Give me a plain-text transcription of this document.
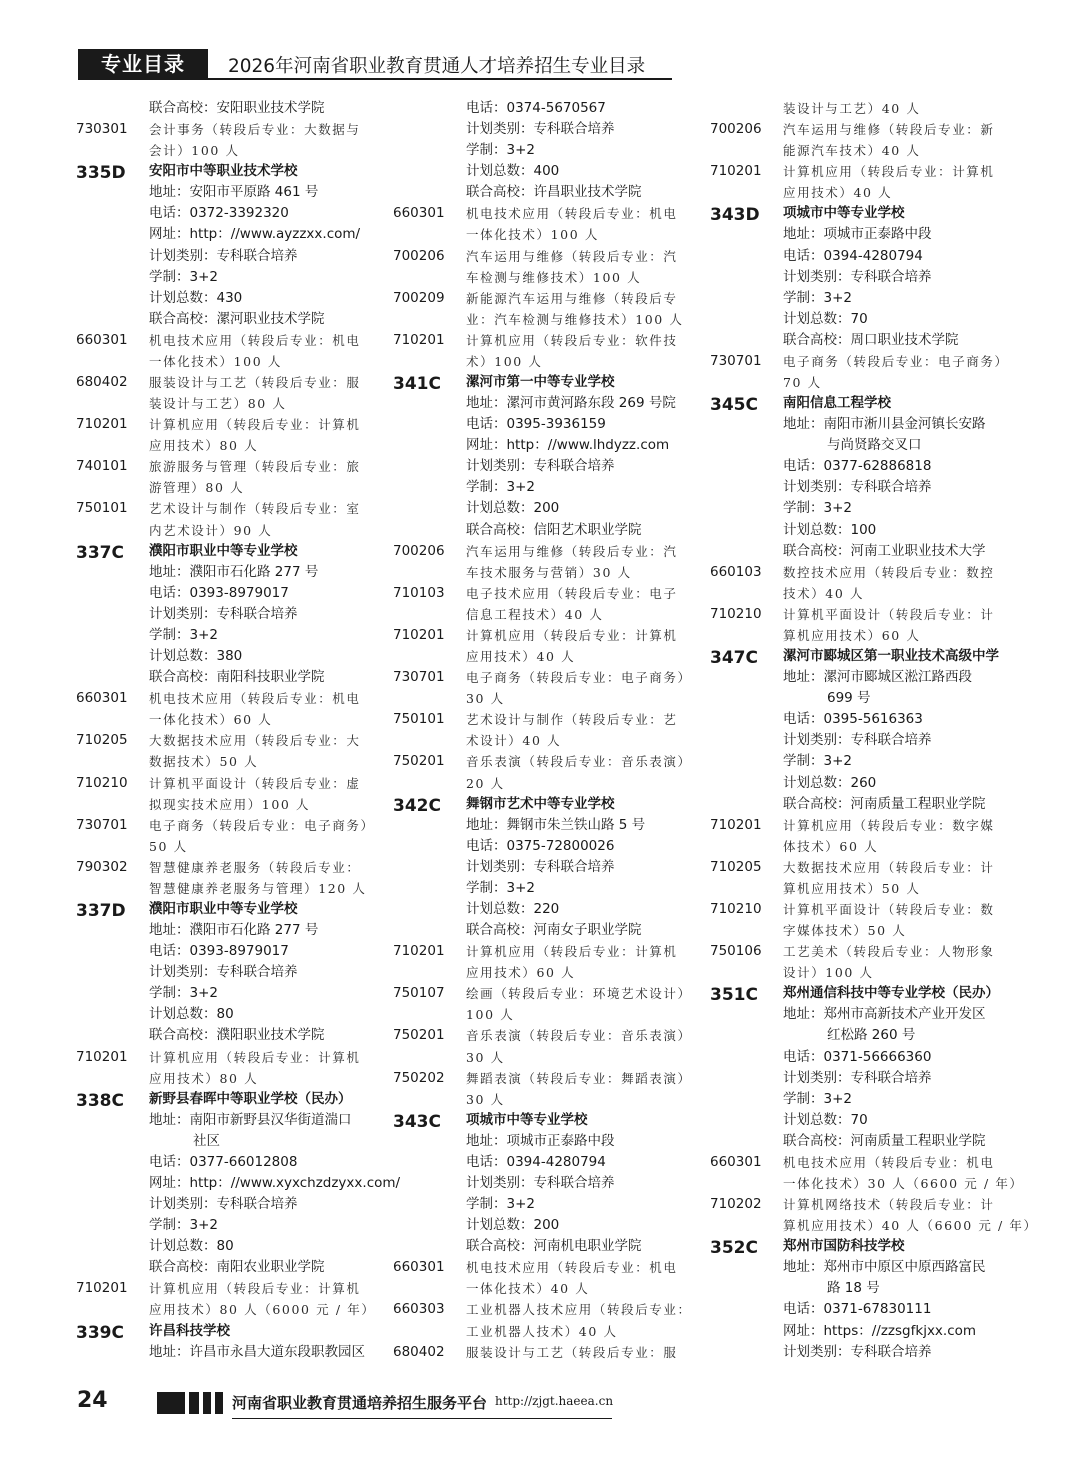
专业目录	2026年河南省职业教育贯通人才培养招生专业目录
联合高校：安阳职业技术学院
730301 会计事务（转段后专业：大数据与
会计）100 人
335D 安阳市中等职业技术学校
地址：安阳市平原路 461 号
电话：0372-3392320
网址：http：//www.ayzzxx.com/
计划类别：专科联合培养
学制：3+2
计划总数：430
联合高校：漯河职业技术学院
660301 机电技术应用（转段后专业：机电
一体化技术）100 人
680402 服装设计与工艺（转段后专业：服
装设计与工艺）80 人
710201 计算机应用（转段后专业：计算机
应用技术）80 人
740101 旅游服务与管理（转段后专业：旅
游管理）80 人
750101 艺术设计与制作（转段后专业：室
内艺术设计）90 人
337C 濮阳市职业中等专业学校
地址：濮阳市石化路 277 号
电话：0393-8979017
计划类别：专科联合培养
学制：3+2
计划总数：380
联合高校：南阳科技职业学院
660301 机电技术应用（转段后专业：机电
一体化技术）60 人
710205 大数据技术应用（转段后专业：大
数据技术）50 人
710210 计算机平面设计（转段后专业：虚
拟现实技术应用）100 人
730701 电子商务（转段后专业：电子商务）
50 人
790302 智慧健康养老服务（转段后专业：
智慧健康养老服务与管理）120 人
337D 濮阳市职业中等专业学校
地址：濮阳市石化路 277 号
电话：0393-8979017
计划类别：专科联合培养
学制：3+2
计划总数：80
联合高校：濮阳职业技术学院
710201 计算机应用（转段后专业：计算机
应用技术）80 人
338C 新野县春晖中等职业学校（民办）
地址：南阳市新野县汉华街道湍口
社区
电话：0377-66012808
网址：http：//www.xyxchzdzyxx.com/
计划类别：专科联合培养
学制：3+2
计划总数：80
联合高校：南阳农业职业学院
710201 计算机应用（转段后专业：计算机
应用技术）80 人（6000 元 / 年）
339C 许昌科技学校
地址：许昌市永昌大道东段职教园区
电话：0374-5670567
计划类别：专科联合培养
学制：3+2
计划总数：400
联合高校：许昌职业技术学院
660301 机电技术应用（转段后专业：机电
一体化技术）100 人
700206 汽车运用与维修（转段后专业：汽
车检测与维修技术）100 人
700209 新能源汽车运用与维修（转段后专
业：汽车检测与维修技术）100 人
710201 计算机应用（转段后专业：软件技
术）100 人
341C 漯河市第一中等专业学校
地址：漯河市黄河路东段 269 号院
电话：0395-3936159
网址：http：//www.lhdyzz.com
计划类别：专科联合培养
学制：3+2
计划总数：200
联合高校：信阳艺术职业学院
700206 汽车运用与维修（转段后专业：汽
车技术服务与营销）30 人
710103 电子技术应用（转段后专业：电子
信息工程技术）40 人
710201 计算机应用（转段后专业：计算机
应用技术）40 人
730701 电子商务（转段后专业：电子商务）
30 人
750101 艺术设计与制作（转段后专业：艺
术设计）40 人
750201 音乐表演（转段后专业：音乐表演）
20 人
342C 舞钢市艺术中等专业学校
地址：舞钢市朱兰铁山路 5 号
电话：0375-72800026
计划类别：专科联合培养
学制：3+2
计划总数：220
联合高校：河南女子职业学院
710201 计算机应用（转段后专业：计算机
应用技术）60 人
750107 绘画（转段后专业：环境艺术设计）
100 人
750201 音乐表演（转段后专业：音乐表演）
30 人
750202 舞蹈表演（转段后专业：舞蹈表演）
30 人
343C 项城市中等专业学校
地址：项城市正泰路中段
电话：0394-4280794
计划类别：专科联合培养
学制：3+2
计划总数：200
联合高校：河南机电职业学院
660301 机电技术应用（转段后专业：机电
一体化技术）40 人
660303 工业机器人技术应用（转段后专业：
工业机器人技术）40 人
680402 服装设计与工艺（转段后专业：服
装设计与工艺）40 人
700206 汽车运用与维修（转段后专业：新
能源汽车技术）40 人
710201 计算机应用（转段后专业：计算机
应用技术）40 人
343D 项城市中等专业学校
地址：项城市正泰路中段
电话：0394-4280794
计划类别：专科联合培养
学制：3+2
计划总数：70
联合高校：周口职业技术学院
730701 电子商务（转段后专业：电子商务）
70 人
345C 南阳信息工程学校
地址：南阳市淅川县金河镇长安路
与尚贤路交叉口
电话：0377-62886818
计划类别：专科联合培养
学制：3+2
计划总数：100
联合高校：河南工业职业技术大学
660103 数控技术应用（转段后专业：数控
技术）40 人
710210 计算机平面设计（转段后专业：计
算机应用技术）60 人
347C 漯河市郾城区第一职业技术高级中学
地址：漯河市郾城区淞江路西段
699 号
电话：0395-5616363
计划类别：专科联合培养
学制：3+2
计划总数：260
联合高校：河南质量工程职业学院
710201 计算机应用（转段后专业：数字媒
体技术）60 人
710205 大数据技术应用（转段后专业：计
算机应用技术）50 人
710210 计算机平面设计（转段后专业：数
字媒体技术）50 人
750106 工艺美术（转段后专业：人物形象
设计）100 人
351C 郑州通信科技中等专业学校（民办）
地址：郑州市高新技术产业开发区
红松路 260 号
电话：0371-56666360
计划类别：专科联合培养
学制：3+2
计划总数：70
联合高校：河南质量工程职业学院
660301 机电技术应用（转段后专业：机电
一体化技术）30 人（6600 元 / 年）
710202 计算机网络技术（转段后专业：计
算机应用技术）40 人（6600 元 / 年）
352C 郑州市国防科技学校
地址：郑州市中原区中原西路富民
路 18 号
电话：0371-67830111
网址：https：//zzsgfkjxx.com
计划类别：专科联合培养
24	河南省职业教育贯通培养招生服务平台 http://zjgt.haeea.cn
